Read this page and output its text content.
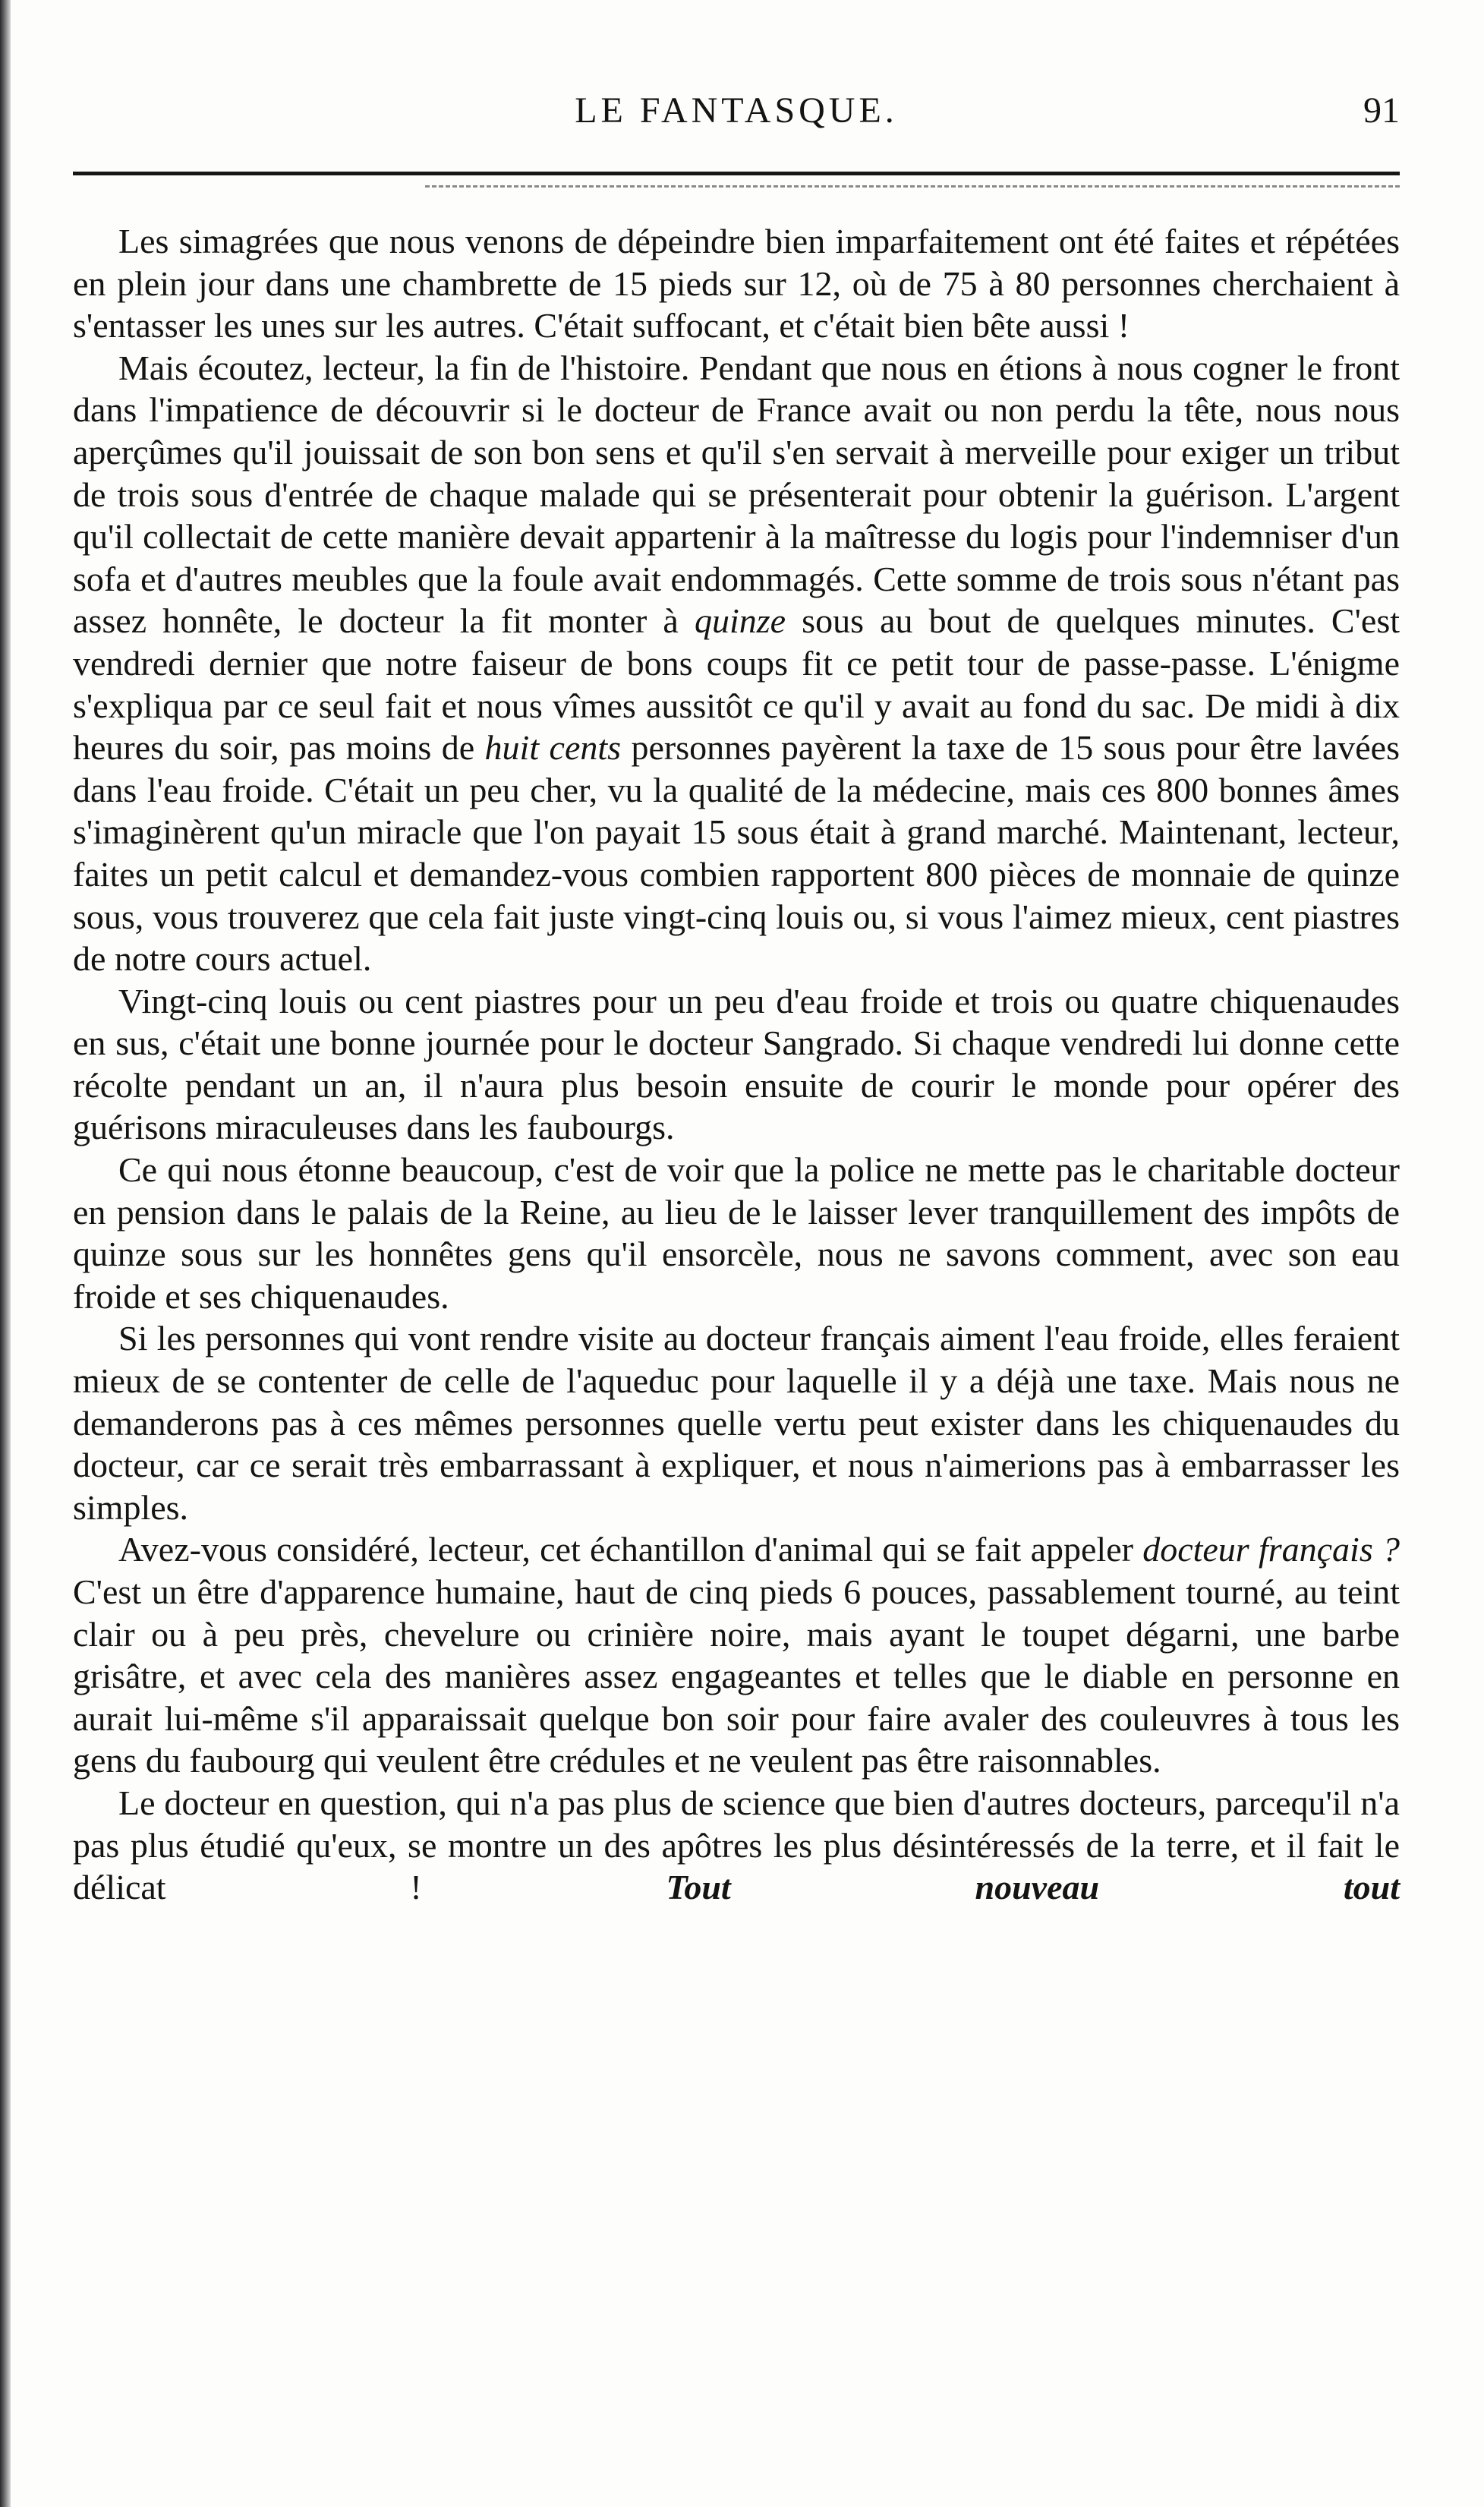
LE FANTASQUE.	91

Les simagrées que nous venons de dépeindre bien imparfaitement ont été faites et répétées en plein jour dans une chambrette de 15 pieds sur 12, où de 75 à 80 personnes cherchaient à s'entasser les unes sur les autres. C'était suffocant, et c'était bien bête aussi !

Mais écoutez, lecteur, la fin de l'histoire. Pendant que nous en étions à nous cogner le front dans l'impatience de découvrir si le docteur de France avait ou non perdu la tête, nous nous aperçûmes qu'il jouissait de son bon sens et qu'il s'en servait à merveille pour exiger un tribut de trois sous d'entrée de chaque malade qui se présenterait pour obtenir la guérison. L'argent qu'il collectait de cette manière devait appartenir à la maîtresse du logis pour l'indemniser d'un sofa et d'autres meubles que la foule avait endommagés. Cette somme de trois sous n'étant pas assez honnête, le docteur la fit monter à quinze sous au bout de quelques minutes. C'est vendredi dernier que notre faiseur de bons coups fit ce petit tour de passe-passe. L'énigme s'expliqua par ce seul fait et nous vîmes aussitôt ce qu'il y avait au fond du sac. De midi à dix heures du soir, pas moins de huit cents personnes payèrent la taxe de 15 sous pour être lavées dans l'eau froide. C'était un peu cher, vu la qualité de la médecine, mais ces 800 bonnes âmes s'imaginèrent qu'un miracle que l'on payait 15 sous était à grand marché. Maintenant, lecteur, faites un petit calcul et demandez-vous combien rapportent 800 pièces de monnaie de quinze sous, vous trouverez que cela fait juste vingt-cinq louis ou, si vous l'aimez mieux, cent piastres de notre cours actuel.

Vingt-cinq louis ou cent piastres pour un peu d'eau froide et trois ou quatre chiquenaudes en sus, c'était une bonne journée pour le docteur Sangrado. Si chaque vendredi lui donne cette récolte pendant un an, il n'aura plus besoin ensuite de courir le monde pour opérer des guérisons miraculeuses dans les faubourgs.

Ce qui nous étonne beaucoup, c'est de voir que la police ne mette pas le charitable docteur en pension dans le palais de la Reine, au lieu de le laisser lever tranquillement des impôts de quinze sous sur les honnêtes gens qu'il ensorcèle, nous ne savons comment, avec son eau froide et ses chiquenaudes.

Si les personnes qui vont rendre visite au docteur français aiment l'eau froide, elles feraient mieux de se contenter de celle de l'aqueduc pour laquelle il y a déjà une taxe. Mais nous ne demanderons pas à ces mêmes personnes quelle vertu peut exister dans les chiquenaudes du docteur, car ce serait très embarrassant à expliquer, et nous n'aimerions pas à embarrasser les simples.

Avez-vous considéré, lecteur, cet échantillon d'animal qui se fait appeler docteur français ? C'est un être d'apparence humaine, haut de cinq pieds 6 pouces, passablement tourné, au teint clair ou à peu près, chevelure ou crinière noire, mais ayant le toupet dégarni, une barbe grisâtre, et avec cela des manières assez engageantes et telles que le diable en personne en aurait lui-même s'il apparaissait quelque bon soir pour faire avaler des couleuvres à tous les gens du faubourg qui veulent être crédules et ne veulent pas être raisonnables.

Le docteur en question, qui n'a pas plus de science que bien d'autres docteurs, parcequ'il n'a pas plus étudié qu'eux, se montre un des apôtres les plus désintéressés de la terre, et il fait le délicat !	Tout nouveau tout
